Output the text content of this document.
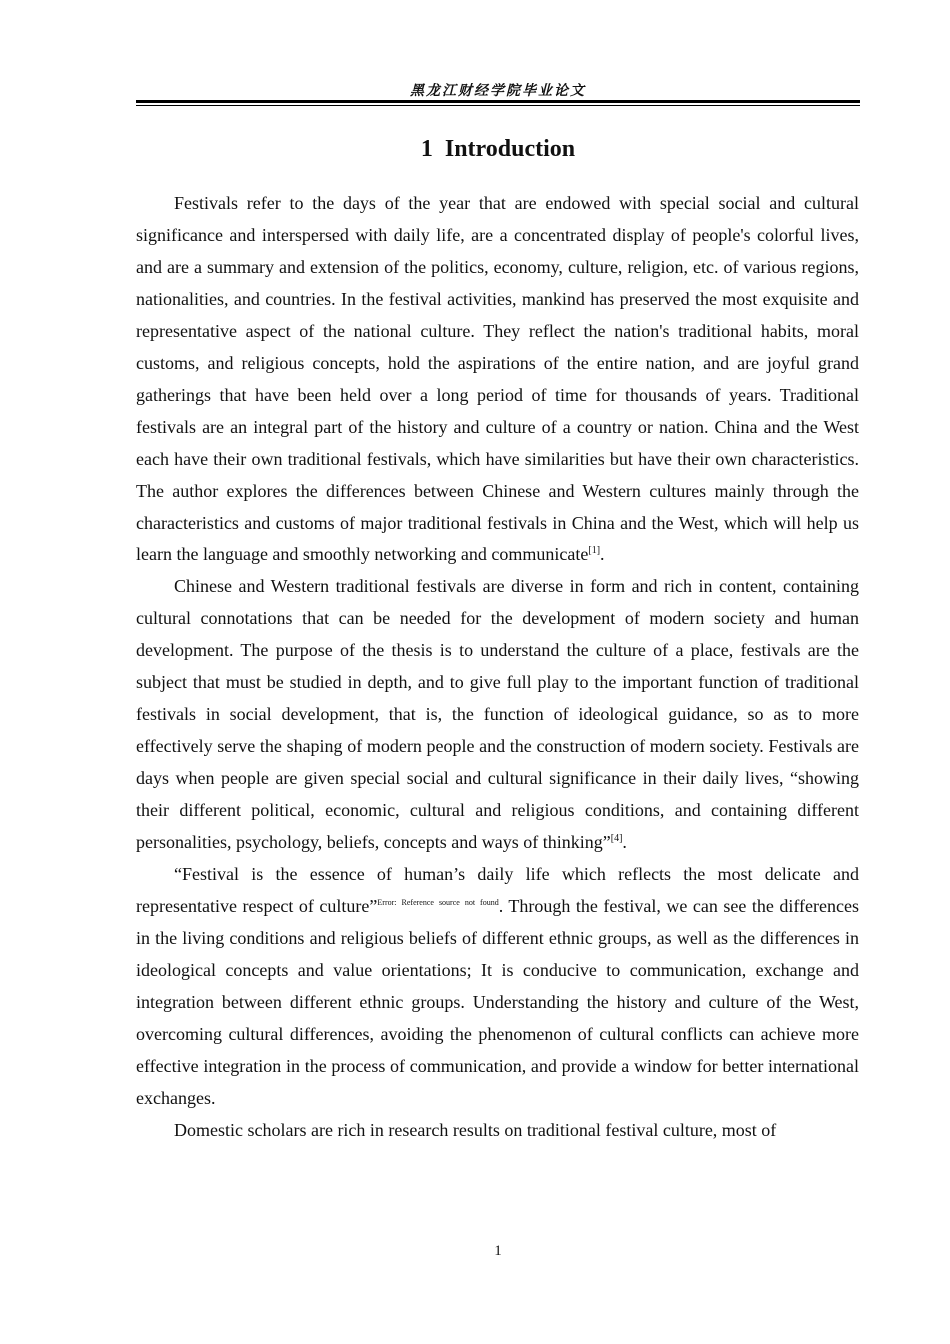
黑龙江财经学院毕业论文
1 Introduction

Festivals refer to the days of the year that are endowed with special social and cultural significance and interspersed with daily life, are a concentrated display of people's colorful lives, and are a summary and extension of the politics, economy, culture, religion, etc. of various regions, nationalities, and countries. In the festival activities, mankind has preserved the most exquisite and representative aspect of the national culture. They reflect the nation's traditional habits, moral customs, and religious concepts, hold the aspirations of the entire nation, and are joyful grand gatherings that have been held over a long period of time for thousands of years. Traditional festivals are an integral part of the history and culture of a country or nation. China and the West each have their own traditional festivals, which have similarities but have their own characteristics. The author explores the differences between Chinese and Western cultures mainly through the characteristics and customs of major traditional festivals in China and the West, which will help us learn the language and smoothly networking and communicate[1].

Chinese and Western traditional festivals are diverse in form and rich in content, containing cultural connotations that can be needed for the development of modern society and human development. The purpose of the thesis is to understand the culture of a place, festivals are the subject that must be studied in depth, and to give full play to the important function of traditional festivals in social development, that is, the function of ideological guidance, so as to more effectively serve the shaping of modern people and the construction of modern society. Festivals are days when people are given special social and cultural significance in their daily lives, “showing their different political, economic, cultural and religious conditions, and containing different personalities, psychology, beliefs, concepts and ways of thinking”[4].

“Festival is the essence of human’s daily life which reflects the most delicate and representative respect of culture”$^{Error: Reference source not found}$. Through the festival, we can see the differences in the living conditions and religious beliefs of different ethnic groups, as well as the differences in ideological concepts and value orientations; It is conducive to communication, exchange and integration between different ethnic groups. Understanding the history and culture of the West, overcoming cultural differences, avoiding the phenomenon of cultural conflicts can achieve more effective integration in the process of communication, and provide a window for better international exchanges.

Domestic scholars are rich in research results on traditional festival culture, most of

1
